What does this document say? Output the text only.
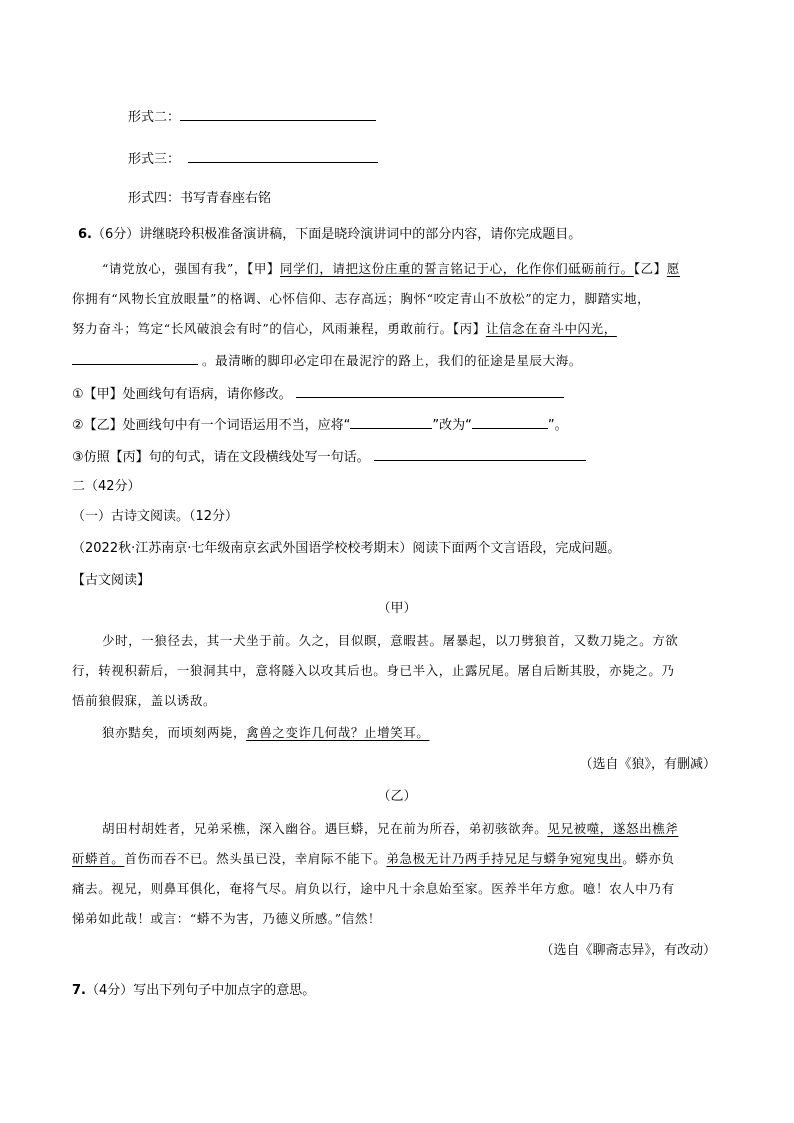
形式二：
形式三：
形式四：书写青春座右铭
6.（6分）讲继晓玲积极准备演讲稿，下面是晓玲演讲词中的部分内容，请你完成题目。
“请党放心，强国有我”，【甲】同学们，请把这份庄重的誓言铭记于心，化作你们砥砺前行。【乙】愿
你拥有“风物长宜放眼量”的格调、心怀信仰、志存高远；胸怀“咬定青山不放松”的定力，脚踏实地，
努力奋斗；笃定“长风破浪会有时”的信心，风雨兼程，勇敢前行。【丙】让信念在奋斗中闪光，
。最清晰的脚印必定印在最泥泞的路上，我们的征途是星辰大海。
①【甲】处画线句有语病，请你修改。
②【乙】处画线句中有一个词语运用不当，应将“	”改为“	”。
③仿照【丙】句的句式，请在文段横线处写一句话。
二（42分）
（一）古诗文阅读。（12分）
（2022秋·江苏南京·七年级南京玄武外国语学校校考期末）阅读下面两个文言语段，完成问题。
【古文阅读】
（甲）
少时，一狼径去，其一犬坐于前。久之，目似瞑，意暇甚。屠暴起，以刀劈狼首，又数刀毙之。方欲
行，转视积薪后，一狼洞其中，意将隧入以攻其后也。身已半入，止露尻尾。屠自后断其股，亦毙之。乃
悟前狼假寐，盖以诱敌。
狼亦黠矣，而顷刻两毙，禽兽之变诈几何哉？止增笑耳。
（选自《狼》，有删减）
（乙）
胡田村胡姓者，兄弟采樵，深入幽谷。遇巨蟒，兄在前为所吞，弟初骇欲奔。见兄被噬，遂怒出樵斧
斫蟒首。首伤而吞不已。然头虽已没，幸肩际不能下。弟急极无计乃两手持兄足与蟒争宛宛曳出。蟒亦负
痛去。视兄，则鼻耳俱化，奄将气尽。肩负以行，途中凡十余息始至家。医养半年方愈。噫！农人中乃有
悌弟如此哉！或言：“蟒不为害，乃德义所感。”信然！
（选自《聊斋志异》，有改动）
7.（4分）写出下列句子中加点字的意思。
